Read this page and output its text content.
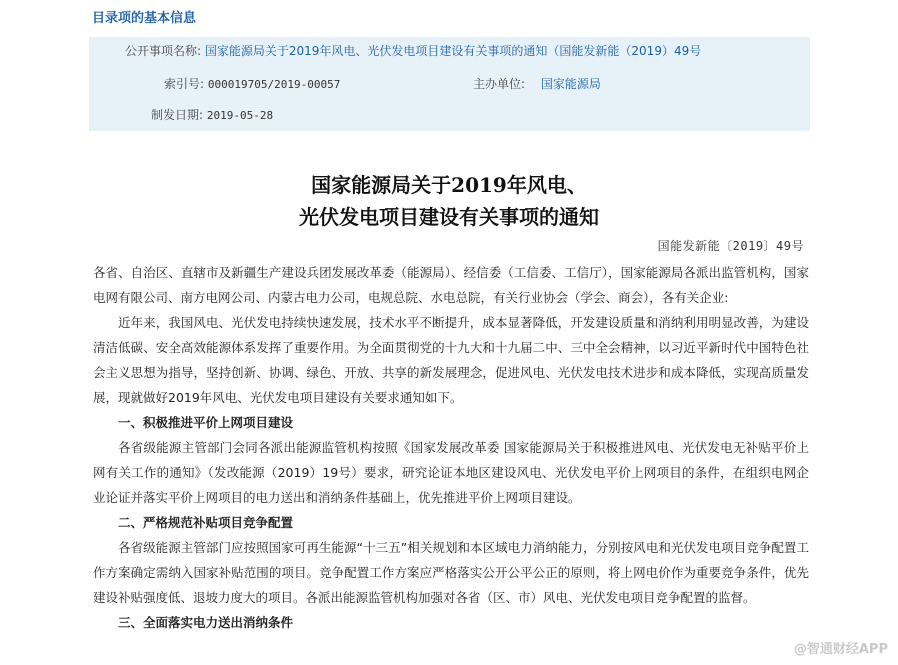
目录项的基本信息
公开事项名称: 国家能源局关于2019年风电、光伏发电项目建设有关事项的通知（国能发新能（2019）49号
索引号: 000019705/2019-00057	主办单位: 国家能源局
制发日期: 2019-05-28
国家能源局关于2019年风电、
光伏发电项目建设有关事项的通知
国能发新能〔2019〕49号

各省、自治区、直辖市及新疆生产建设兵团发展改革委（能源局）、经信委（工信委、工信厅），国家能源局各派出监管机构，国家电网有限公司、南方电网公司、内蒙古电力公司，电规总院、水电总院，有关行业协会（学会、商会），各有关企业:

近年来，我国风电、光伏发电持续快速发展，技术水平不断提升，成本显著降低，开发建设质量和消纳利用明显改善，为建设清洁低碳、安全高效能源体系发挥了重要作用。为全面贯彻党的十九大和十九届二中、三中全会精神，以习近平新时代中国特色社会主义思想为指导，坚持创新、协调、绿色、开放、共享的新发展理念，促进风电、光伏发电技术进步和成本降低，实现高质量发展，现就做好2019年风电、光伏发电项目建设有关要求通知如下。

一、积极推进平价上网项目建设

各省级能源主管部门会同各派出能源监管机构按照《国家发展改革委 国家能源局关于积极推进风电、光伏发电无补贴平价上网有关工作的通知》（发改能源（2019）19号）要求，研究论证本地区建设风电、光伏发电平价上网项目的条件，在组织电网企业论证并落实平价上网项目的电力送出和消纳条件基础上，优先推进平价上网项目建设。

二、严格规范补贴项目竞争配置

各省级能源主管部门应按照国家可再生能源“十三五”相关规划和本区域电力消纳能力，分别按风电和光伏发电项目竞争配置工作方案确定需纳入国家补贴范围的项目。竞争配置工作方案应严格落实公开公平公正的原则，将上网电价作为重要竞争条件，优先建设补贴强度低、退坡力度大的项目。各派出能源监管机构加强对各省（区、市）风电、光伏发电项目竞争配置的监督。

三、全面落实电力送出消纳条件

@智通财经APP
